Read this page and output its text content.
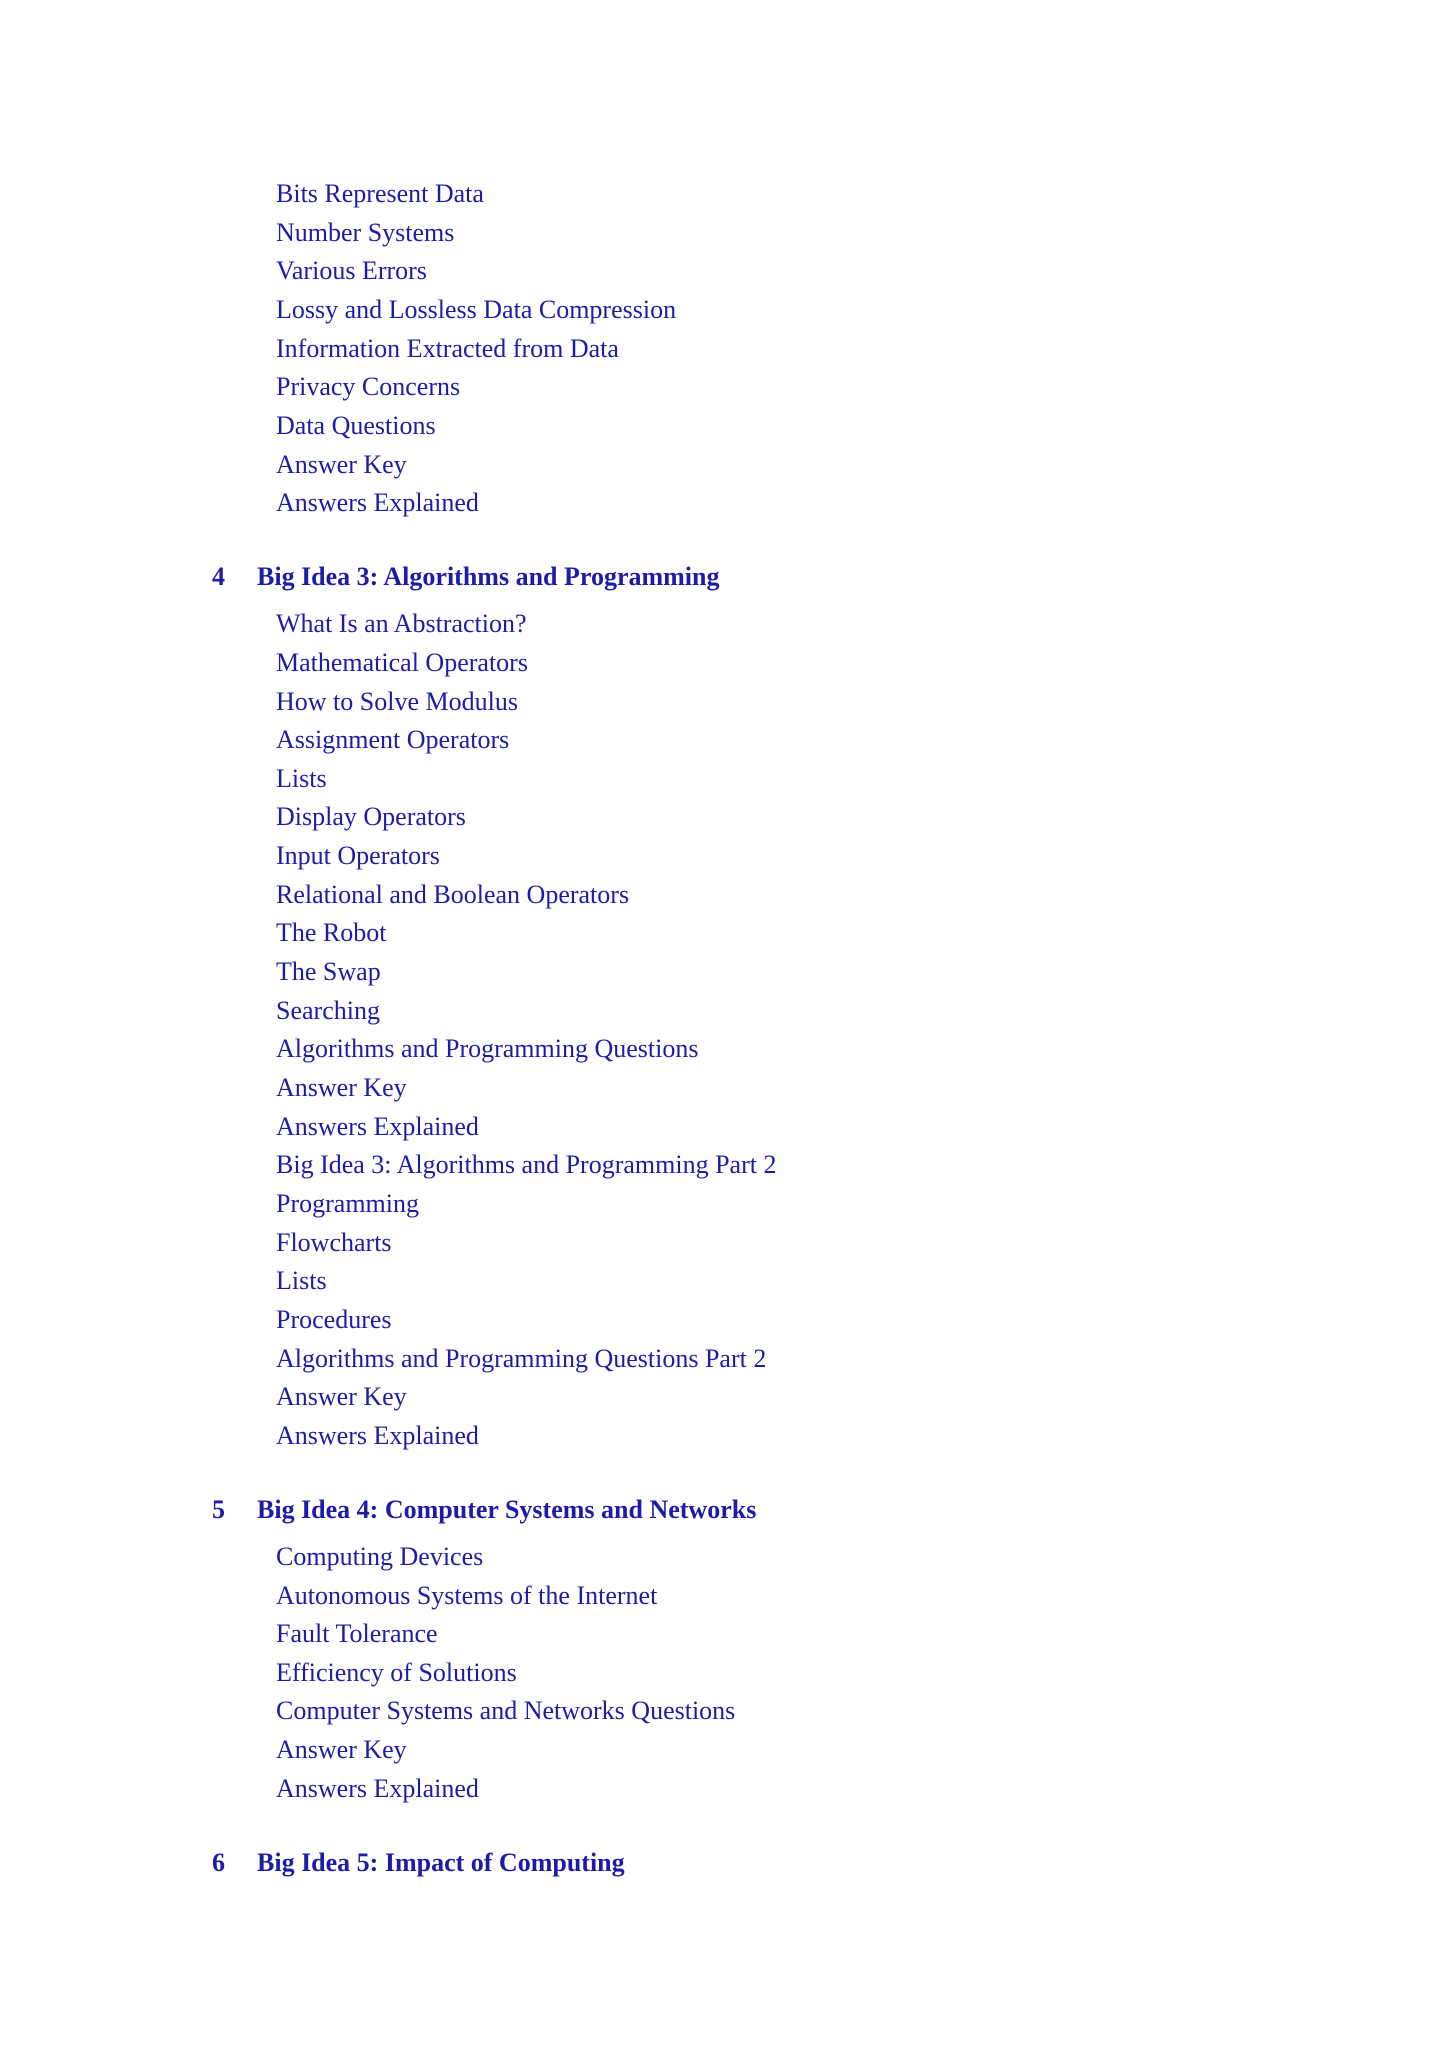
Bits Represent Data
Number Systems
Various Errors
Lossy and Lossless Data Compression
Information Extracted from Data
Privacy Concerns
Data Questions
Answer Key
Answers Explained
4 Big Idea 3: Algorithms and Programming
What Is an Abstraction?
Mathematical Operators
How to Solve Modulus
Assignment Operators
Lists
Display Operators
Input Operators
Relational and Boolean Operators
The Robot
The Swap
Searching
Algorithms and Programming Questions
Answer Key
Answers Explained
Big Idea 3: Algorithms and Programming Part 2
Programming
Flowcharts
Lists
Procedures
Algorithms and Programming Questions Part 2
Answer Key
Answers Explained
5 Big Idea 4: Computer Systems and Networks
Computing Devices
Autonomous Systems of the Internet
Fault Tolerance
Efficiency of Solutions
Computer Systems and Networks Questions
Answer Key
Answers Explained
6 Big Idea 5: Impact of Computing
